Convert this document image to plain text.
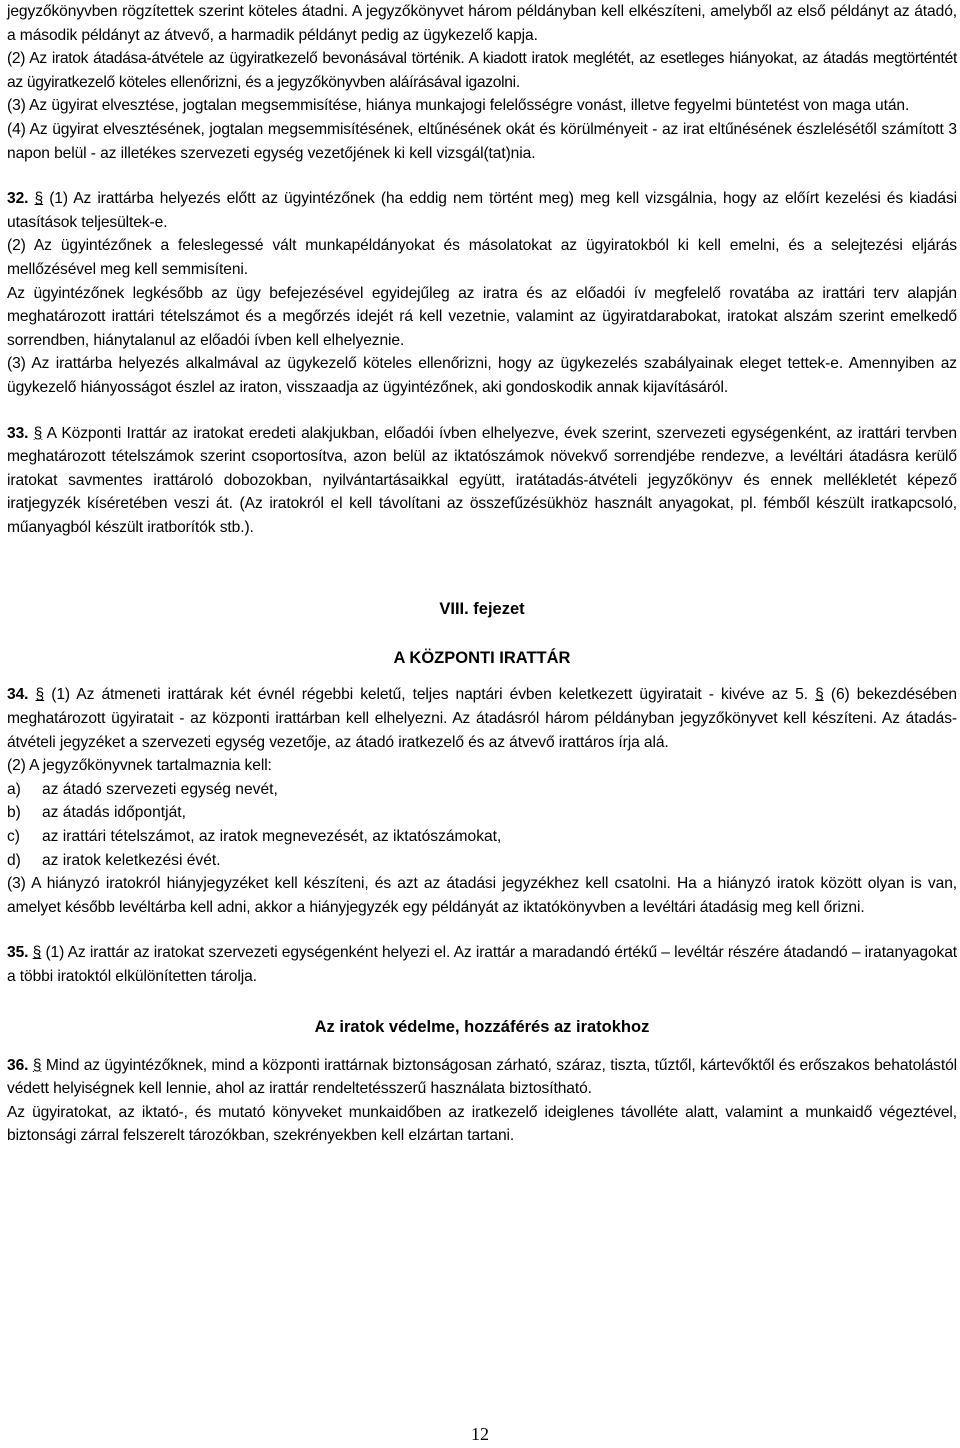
jegyzőkönyvben rögzítettek szerint köteles átadni. A jegyzőkönyvet három példányban kell elkészíteni, amelyből az első példányt az átadó, a második példányt az átvevő, a harmadik példányt pedig az ügykezelő kapja.

(2) Az iratok átadása-átvétele az ügyiratkezelő bevonásával történik. A kiadott iratok meglétét, az esetleges hiányokat, az átadás megtörténtét az ügyiratkezelő köteles ellenőrizni, és a jegyzőkönyvben aláírásával igazolni.

(3) Az ügyirat elvesztése, jogtalan megsemmisítése, hiánya munkajogi felelősségre vonást, illetve fegyelmi büntetést von maga után.

(4) Az ügyirat elvesztésének, jogtalan megsemmisítésének, eltűnésének okát és körülményeit - az irat eltűnésének észlelésétől számított 3 napon belül - az illetékes szervezeti egység vezetőjének ki kell vizsgál(tat)nia.

32. § (1) Az irattárba helyezés előtt az ügyintézőnek (ha eddig nem történt meg) meg kell vizsgálnia, hogy az előírt kezelési és kiadási utasítások teljesültek-e.

(2) Az ügyintézőnek a feleslegessé vált munkapéldányokat és másolatokat az ügyiratokból ki kell emelni, és a selejtezési eljárás mellőzésével meg kell semmisíteni.

Az ügyintézőnek legkésőbb az ügy befejezésével egyidejűleg az iratra és az előadói ív megfelelő rovatába az irattári terv alapján meghatározott irattári tételszámot és a megőrzés idejét rá kell vezetnie, valamint az ügyiratdarabokat, iratokat alszám szerint emelkedő sorrendben, hiánytalanul az előadói ívben kell elhelyeznie.

(3) Az irattárba helyezés alkalmával az ügykezelő köteles ellenőrizni, hogy az ügykezelés szabályainak eleget tettek-e. Amennyiben az ügykezelő hiányosságot észlel az iraton, visszaadja az ügyintézőnek, aki gondoskodik annak kijavításáról.

33. § A Központi Irattár az iratokat eredeti alakjukban, előadói ívben elhelyezve, évek szerint, szervezeti egységenként, az irattári tervben meghatározott tételszámok szerint csoportosítva, azon belül az iktatószámok növekvő sorrendjébe rendezve, a levéltári átadásra kerülő iratokat savmentes irattároló dobozokban, nyilvántartásaikkal együtt, iratátadás-átvételi jegyzőkönyv és ennek mellékletét képező iratjegyzék kíséretében veszi át. (Az iratokról el kell távolítani az összefűzésükhöz használt anyagokat, pl. fémből készült iratkapcsoló, műanyagból készült iratborítók stb.).

VIII. fejezet

A KÖZPONTI IRATTÁR

34. § (1) Az átmeneti irattárak két évnél régebbi keletű, teljes naptári évben keletkezett ügyiratait - kivéve az 5. § (6) bekezdésében meghatározott ügyiratait - az központi irattárban kell elhelyezni. Az átadásról három példányban jegyzőkönyvet kell készíteni. Az átadás-átvételi jegyzéket a szervezeti egység vezetője, az átadó iratkezelő és az átvevő irattáros írja alá.

(2) A jegyzőkönyvnek tartalmaznia kell:

a)	az átadó szervezeti egység nevét,
b)	az átadás időpontját,
c)	az irattári tételszámot, az iratok megnevezését, az iktatószámokat,
d)	az iratok keletkezési évét.

(3) A hiányzó iratokról hiányjegyzéket kell készíteni, és azt az átadási jegyzékhez kell csatolni. Ha a hiányzó iratok között olyan is van, amelyet később levéltárba kell adni, akkor a hiányjegyzék egy példányát az iktatókönyvben a levéltári átadásig meg kell őrizni.

35. § (1) Az irattár az iratokat szervezeti egységenként helyezi el. Az irattár a maradandó értékű – levéltár részére átadandó – iratanyagokat a többi iratoktól elkülönítetten tárolja.

Az iratok védelme, hozzáférés az iratokhoz

36. § Mind az ügyintézőknek, mind a központi irattárnak biztonságosan zárható, száraz, tiszta, tűztől, kártevőktől és erőszakos behatolástól védett helyiségnek kell lennie, ahol az irattár rendeltetésszerű használata biztosítható.

Az ügyiratokat, az iktató-, és mutató könyveket munkaidőben az iratkezelő ideiglenes távolléte alatt, valamint a munkaidő végeztével, biztonsági zárral felszerelt tározókban, szekrényekben kell elzártan tartani.

12
